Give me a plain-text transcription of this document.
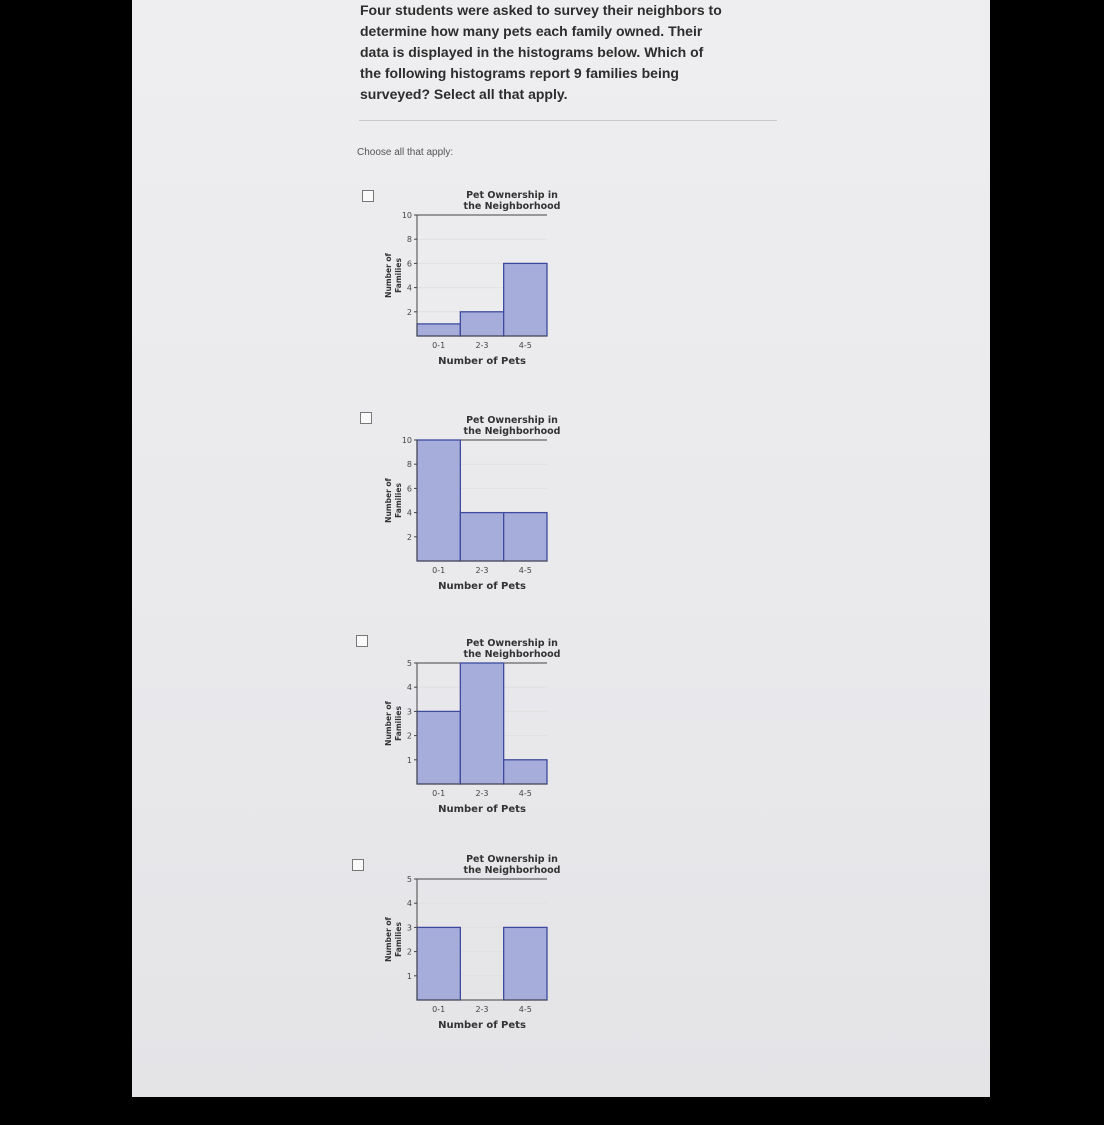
Four students were asked to survey their neighbors to
determine how many pets each family owned. Their
data is displayed in the histograms below. Which of
the following histograms report 9 families being
surveyed? Select all that apply.
Choose all that apply:
Pet Ownership in
the Neighborhood
2
4
6
8
10
0-1	2-3	4-5
Number of Pets
Number of Families
Pet Ownership in
the Neighborhood
2
4
6
8
10
0-1	2-3	4-5
Number of Pets
Number of Families
Pet Ownership in
the Neighborhood
1
2
3
4
5
0-1	2-3	4-5
Number of Pets
Number of Families
Pet Ownership in
the Neighborhood
1
2
3
4
5
0-1	2-3	4-5
Number of Pets
Number of Families
